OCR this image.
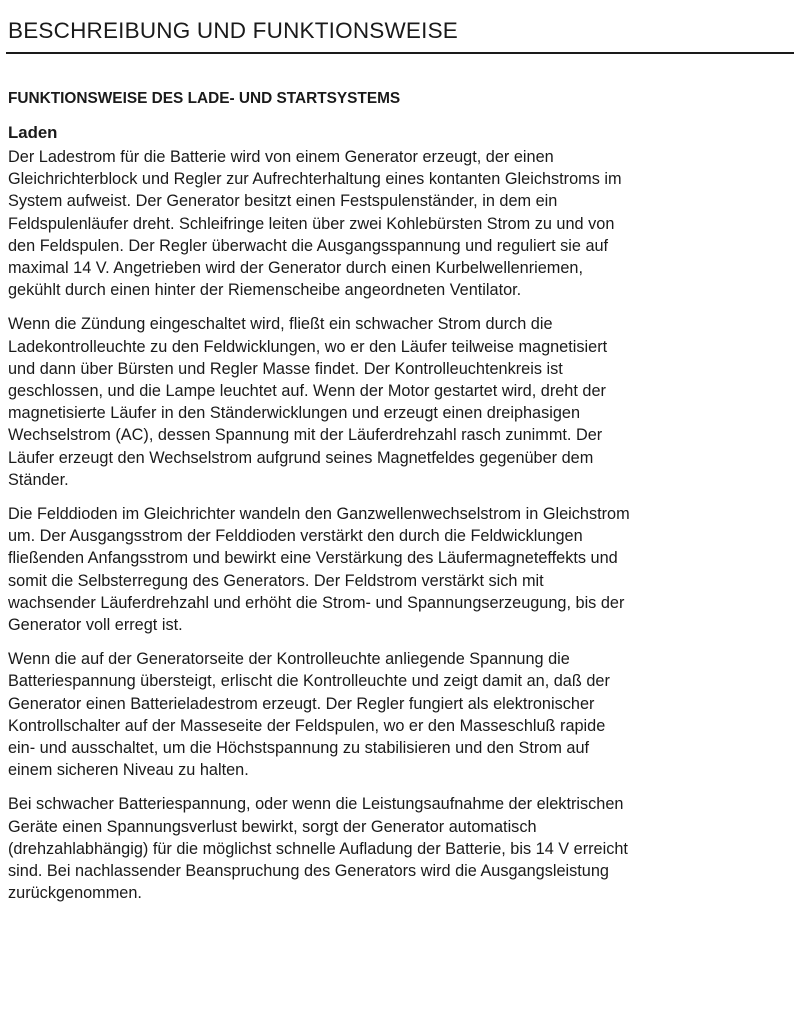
BESCHREIBUNG UND FUNKTIONSWEISE
FUNKTIONSWEISE DES LADE- UND STARTSYSTEMS
Laden

Der Ladestrom für die Batterie wird von einem Generator erzeugt, der einen
Gleichrichterblock und Regler zur Aufrechterhaltung eines kontanten Gleichstroms im
System aufweist. Der Generator besitzt einen Festspulenständer, in dem ein
Feldspulenläufer dreht. Schleifringe leiten über zwei Kohlebürsten Strom zu und von
den Feldspulen. Der Regler überwacht die Ausgangsspannung und reguliert sie auf
maximal 14 V. Angetrieben wird der Generator durch einen Kurbelwellenriemen,
gekühlt durch einen hinter der Riemenscheibe angeordneten Ventilator.

Wenn die Zündung eingeschaltet wird, fließt ein schwacher Strom durch die
Ladekontrolleuchte zu den Feldwicklungen, wo er den Läufer teilweise magnetisiert
und dann über Bürsten und Regler Masse findet. Der Kontrolleuchtenkreis ist
geschlossen, und die Lampe leuchtet auf. Wenn der Motor gestartet wird, dreht der
magnetisierte Läufer in den Ständerwicklungen und erzeugt einen dreiphasigen
Wechselstrom (AC), dessen Spannung mit der Läuferdrehzahl rasch zunimmt. Der
Läufer erzeugt den Wechselstrom aufgrund seines Magnetfeldes gegenüber dem
Ständer.

Die Felddioden im Gleichrichter wandeln den Ganzwellenwechselstrom in Gleichstrom
um. Der Ausgangsstrom der Felddioden verstärkt den durch die Feldwicklungen
fließenden Anfangsstrom und bewirkt eine Verstärkung des Läufermagneteffekts und
somit die Selbsterregung des Generators. Der Feldstrom verstärkt sich mit
wachsender Läuferdrehzahl und erhöht die Strom- und Spannungserzeugung, bis der
Generator voll erregt ist.

Wenn die auf der Generatorseite der Kontrolleuchte anliegende Spannung die
Batteriespannung übersteigt, erlischt die Kontrolleuchte und zeigt damit an, daß der
Generator einen Batterieladestrom erzeugt. Der Regler fungiert als elektronischer
Kontrollschalter auf der Masseseite der Feldspulen, wo er den Masseschluß rapide
ein- und ausschaltet, um die Höchstspannung zu stabilisieren und den Strom auf
einem sicheren Niveau zu halten.

Bei schwacher Batteriespannung, oder wenn die Leistungsaufnahme der elektrischen
Geräte einen Spannungsverlust bewirkt, sorgt der Generator automatisch
(drehzahlabhängig) für die möglichst schnelle Aufladung der Batterie, bis 14 V erreicht
sind. Bei nachlassender Beanspruchung des Generators wird die Ausgangsleistung
zurückgenommen.
